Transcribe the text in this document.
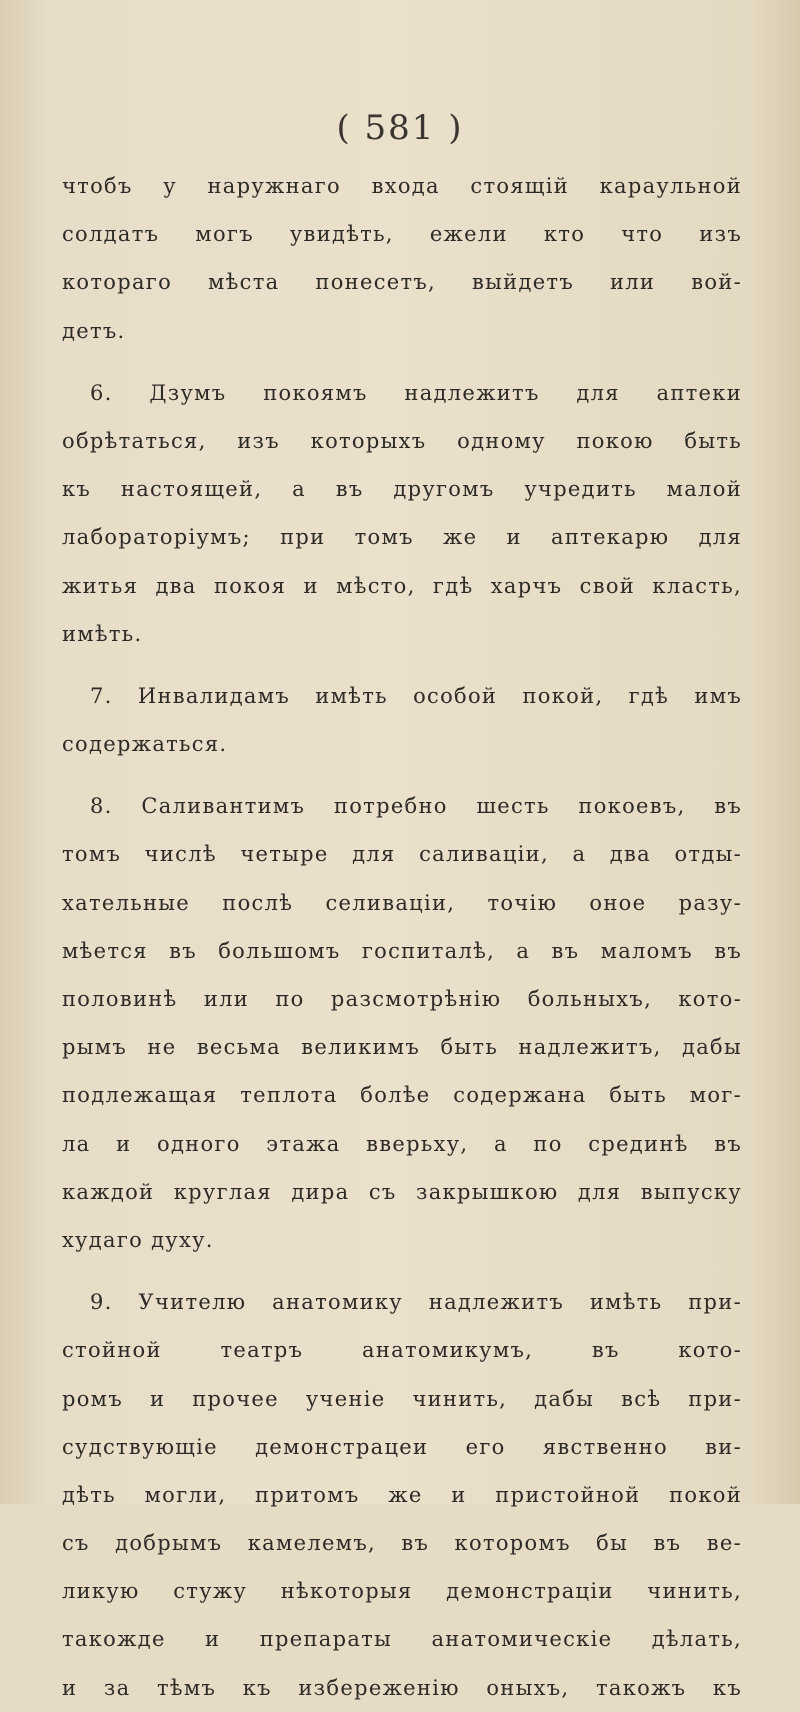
( 581 )
чтобъ у наружнаго входа стоящій караульной
солдатъ могъ увидѣть, ежели кто что изъ
котораго мѣста понесетъ, выйдетъ или вой-
детъ.
6. Дзумъ покоямъ надлежитъ для аптеки
обрѣтаться, изъ которыхъ одному покою быть
къ настоящей, а въ другомъ учредить малой
лабораторіумъ; при томъ же и аптекарю для
житья два покоя и мѣсто, гдѣ харчъ свой класть,
имѣть.
7. Инвалидамъ имѣть особой покой, гдѣ имъ
содержаться.
8. Саливантимъ потребно шесть покоевъ, въ
томъ числѣ четыре для саливаціи, а два отды-
хательные послѣ селиваціи, точію оное разу-
мѣется въ большомъ госпиталѣ, а въ маломъ въ
половинѣ или по разсмотрѣнію больныхъ, кото-
рымъ не весьма великимъ быть надлежитъ, дабы
подлежащая теплота болѣе содержана быть мог-
ла и одного этажа вверьху, а по срединѣ въ
каждой круглая дира съ закрышкою для выпуску
худаго духу.
9. Учителю анатомику надлежитъ имѣть при-
стойной театръ анатомикумъ, въ кото-
ромъ и прочее ученіе чинить, дабы всѣ при-
судствующіе демонстрацеи его явственно ви-
дѣть могли, притомъ же и пристойной покой
съ добрымъ камелемъ, въ которомъ бы въ ве-
ликую стужу нѣкоторыя демонстраціи чинить,
такожде и препараты анатомическіе дѣлать,
и за тѣмъ къ избереженію оныхъ, такожъ къ
